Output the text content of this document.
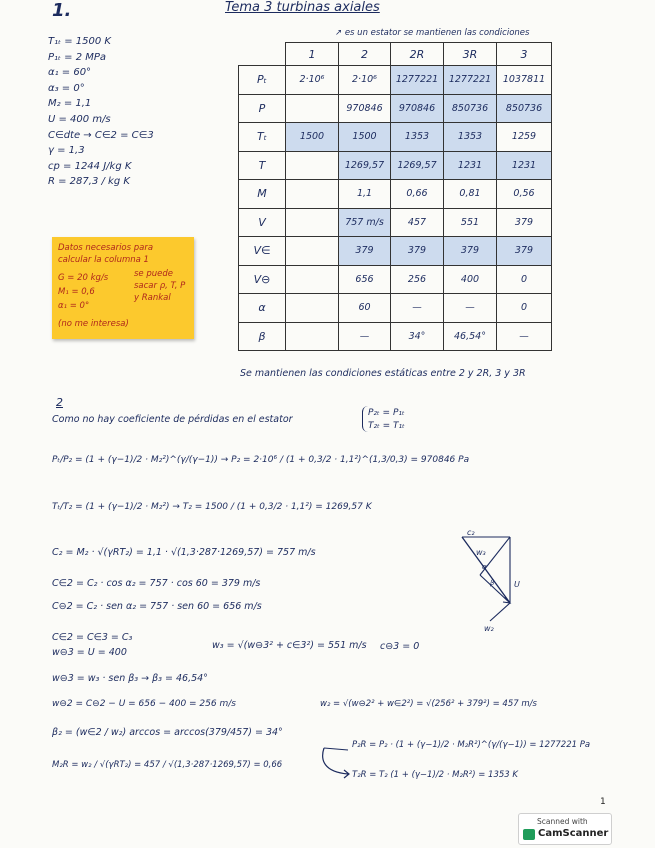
1.	Tema 3 turbinas axiales
↗ es un estator se mantienen las condiciones
T₁ₜ = 1500 K
P₁ₜ = 2 MPa
α₁ = 60°
α₃ = 0°
M₂ = 1,1
U = 400 m/s
C∈dte → C∈2 = C∈3
γ = 1,3
cp = 1244 J/kg K
R = 287,3 / kg K
Datos necesarios para
calcular la columna 1
G = 20 kg/s
M₁ = 0,6
α₁ = 0°
(no me interesa)
se puede
sacar ρ, T, P
y Rankal
	1	2	2R	3R	3
Pₜ	2·10⁶	2·10⁶	1277221	1277221	1037811
P		970846	970846	850736	850736
Tₜ	1500	1500	1353	1353	1259
T		1269,57	1269,57	1231	1231
M		1,1	0,66	0,81	0,56
V		757 m/s	457	551	379
V∈		379	379	379	379
V⊖		656	256	400	0
α		60	—	—	0
β		—	34°	46,54°	—
Se mantienen las condiciones estáticas entre 2 y 2R, 3 y 3R
2
Como no hay coeficiente de pérdidas en el estator
P₂ₜ = P₁ₜ
T₂ₜ = T₁ₜ
Pₜ/P₂ = (1 + (γ−1)/2 · M₂²)^(γ/(γ−1)) → P₂ = 2·10⁶ / (1 + 0,3/2 · 1,1²)^(1,3/0,3) = 970846 Pa
Tₜ/T₂ = (1 + (γ−1)/2 · M₂²) → T₂ = 1500 / (1 + 0,3/2 · 1,1²) = 1269,57 K
C₂ = M₂ · √(γRT₂) = 1,1 · √(1,3·287·1269,57) = 757 m/s
C∈2 = C₂ · cos α₂ = 757 · cos 60 = 379 m/s
C⊖2 = C₂ · sen α₂ = 757 · sen 60 = 656 m/s
C∈2 = C∈3 = C₃
w₃ = √(w⊖3² + c∈3²) = 551 m/s c⊖3 = 0
w⊖3 = U = 400
w⊖3 = w₃ · sen β₃ → β₃ = 46,54°
w⊖2 = C⊖2 − U = 656 − 400 = 256 m/s	w₂ = √(w⊖2² + w∈2²) = √(256² + 379²) = 457 m/s
β₂ = (w∈2 / w₂) arccos = arccos(379/457) = 34°
M₂R = w₂ / √(γRT₂) = 457 / √(1,3·287·1269,57) = 0,66
P₂R = P₂ · (1 + (γ−1)/2 · M₂R²)^(γ/(γ−1)) = 1277221 Pa
T₂R = T₂ (1 + (γ−1)/2 · M₂R²) = 1353 K
c₂
w₃
U
w₂
α
β
1
Scanned with
CamScanner
